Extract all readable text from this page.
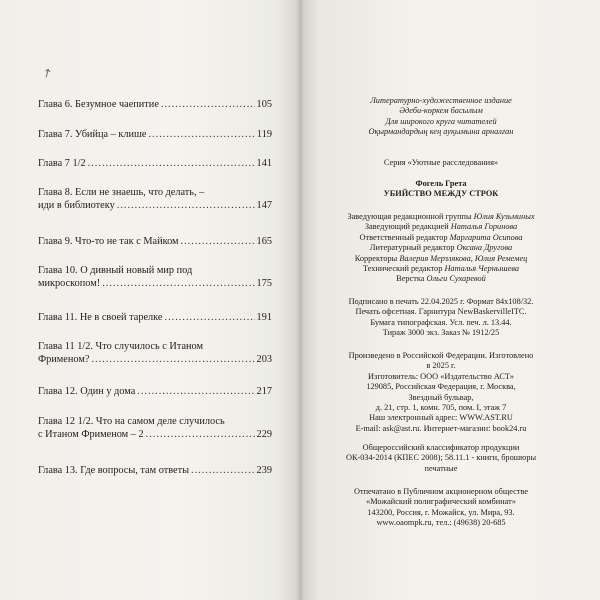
↗
Глава 6. Безумное чаепитие .....	105
Глава 7. Убийца – клише .....	119
Глава 7 1/2 .....	141
Глава 8. Если не знаешь, что делать, –
иди в библиотеку .....	147
Глава 9. Что-то не так с Майком .....	165
Глава 10. О дивный новый мир под
микроскопом! .....	175
Глава 11. Не в своей тарелке .....	191
Глава 11 1/2. Что случилось с Итаном
Фрименом? .....	203
Глава 12. Один у дома .....	217
Глава 12 1/2. Что на самом деле случилось
с Итаном Фрименом – 2 .....	229
Глава 13. Где вопросы, там ответы .....	239
Литературно-художественное издание
Әдеби-көркем басылым
Для широкого круга читателей
Оқырмандардың кең ауқымына арналған
Серия «Уютные расследования»
Фогель Грета
УБИЙСТВО МЕЖДУ СТРОК
Заведующая редакционной группы Юлия Кузьминых
Заведующий редакцией Наталья Горинова
Ответственный редактор Маргарита Осипова
Литературный редактор Оксана Другова
Корректоры Валерия Мерзлякова, Юлия Ремемец
Технический редактор Наталья Чернышева
Верстка Ольги Сухаревой
Подписано в печать 22.04.2025 г. Формат 84х108/32.
Печать офсетная. Гарнитура NewBaskervilleITC.
Бумага типографская. Усл. печ. л. 13.44.
Тираж 3000 экз. Заказ № 1912/25
Произведено в Российской Федерации. Изготовлено
в 2025 г.
Изготовитель: ООО «Издательство АСТ»
129085, Российская Федерация, г. Москва,
Звездный бульвар,
д. 21, стр. 1, комн. 705, пом. I, этаж 7
Наш электронный адрес: WWW.AST.RU
E-mail: ask@ast.ru. Интернет-магазин: book24.ru
Общероссийский классификатор продукции
ОК-034-2014 (КПЕС 2008); 58.11.1 - книги, брошюры
печатные
Отпечатано в Публичном акционерном обществе
«Можайский полиграфический комбинат»
143200, Россия, г. Можайск, ул. Мира, 93.
www.oaompk.ru, тел.: (49638) 20-685
